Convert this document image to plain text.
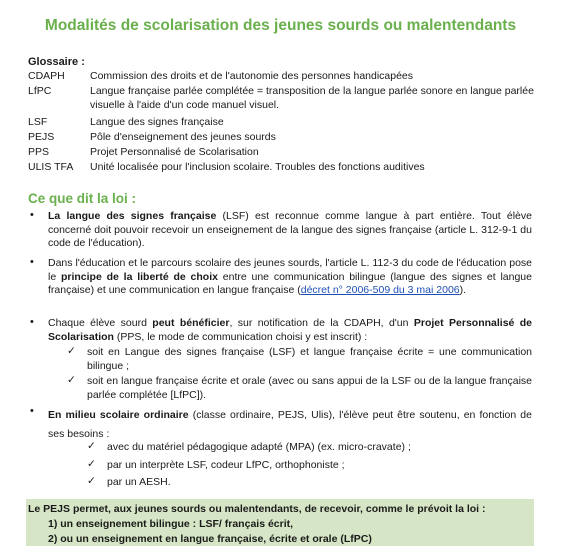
Modalités de scolarisation des jeunes sourds ou malentendants
Glossaire :
CDAPH	Commission des droits et de l'autonomie des personnes handicapées
LfPC	Langue française parlée complétée = transposition de la langue parlée sonore en langue parlée visuelle à l'aide d'un code manuel visuel.
LSF	Langue des signes française
PEJS	Pôle d'enseignement des jeunes sourds
PPS	Projet Personnalisé de Scolarisation
ULIS TFA	Unité localisée pour l'inclusion scolaire. Troubles des fonctions auditives
Ce que dit la loi :
• La langue des signes française (LSF) est reconnue comme langue à part entière. Tout élève concerné doit pouvoir recevoir un enseignement de la langue des signes française (article L. 312-9-1 du code de l'éducation).
• Dans l'éducation et le parcours scolaire des jeunes sourds, l'article L. 112-3 du code de l'éducation pose le principe de la liberté de choix entre une communication bilingue (langue des signes et langue française) et une communication en langue française (décret n° 2006-509 du 3 mai 2006).
• Chaque élève sourd peut bénéficier, sur notification de la CDAPH, d'un Projet Personnalisé de Scolarisation (PPS, le mode de communication choisi y est inscrit) :
✓ soit en Langue des signes française (LSF) et langue française écrite = une communication bilingue ;
✓ soit en langue française écrite et orale (avec ou sans appui de la LSF ou de la langue française parlée complétée [LfPC]).
• En milieu scolaire ordinaire (classe ordinaire, PEJS, Ulis), l'élève peut être soutenu, en fonction de ses besoins :
✓ avec du matériel pédagogique adapté (MPA) (ex. micro-cravate) ;
✓ par un interprète LSF, codeur LfPC, orthophoniste ;
✓ par un AESH.
Le PEJS permet, aux jeunes sourds ou malentendants, de recevoir, comme le prévoit la loi :
1) un enseignement bilingue : LSF/ français écrit,
2) ou un enseignement en langue française, écrite et orale (LfPC)
